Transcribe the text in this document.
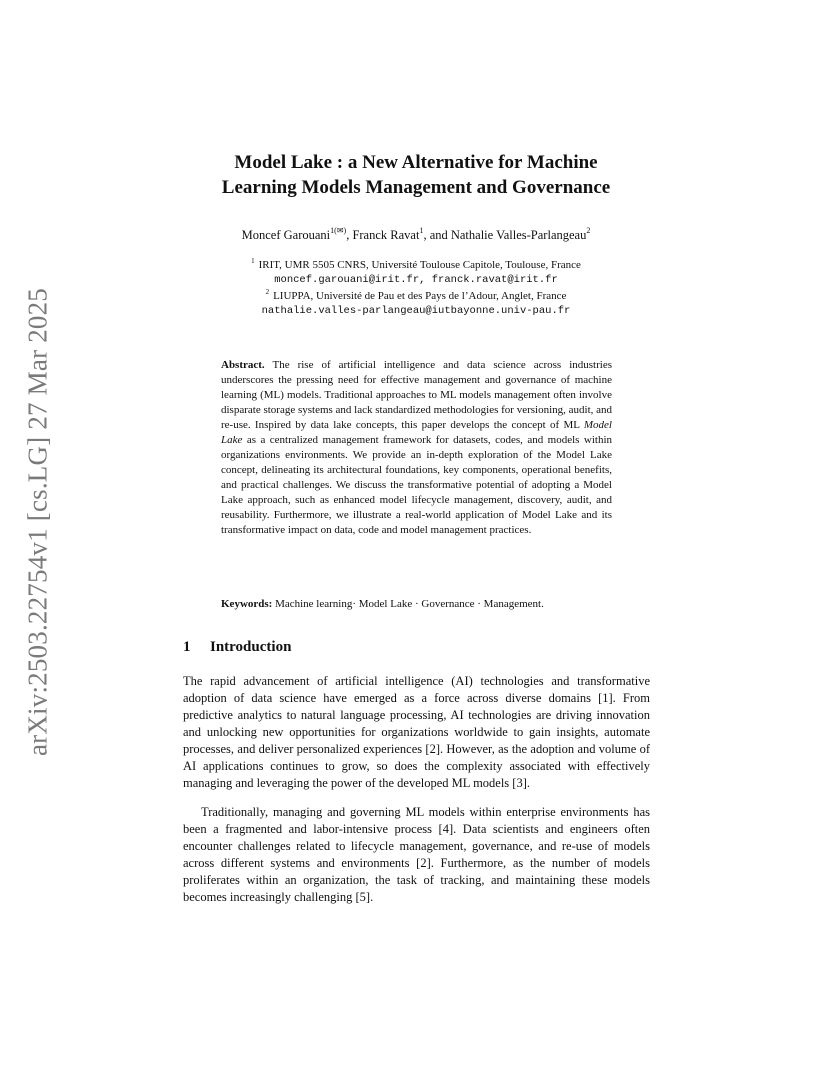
arXiv:2503.22754v1 [cs.LG] 27 Mar 2025
Model Lake : a New Alternative for Machine
Learning Models Management and Governance
Moncef Garouani$^{1(✉)}$, Franck Ravat$^1$, and Nathalie Valles-Parlangeau$^2$
$^1$ IRIT, UMR 5505 CNRS, Université Toulouse Capitole, Toulouse, France
moncef.garouani@irit.fr, franck.ravat@irit.fr
$^2$ LIUPPA, Université de Pau et des Pays de l’Adour, Anglet, France
nathalie.valles-parlangeau@iutbayonne.univ-pau.fr
Abstract. The rise of artificial intelligence and data science across industries underscores the pressing need for effective management and governance of machine learning (ML) models. Traditional approaches to ML models management often involve disparate storage systems and lack standardized methodologies for versioning, audit, and re-use. Inspired by data lake concepts, this paper develops the concept of ML Model Lake as a centralized management framework for datasets, codes, and models within organizations environments. We provide an in-depth exploration of the Model Lake concept, delineating its architectural foundations, key components, operational benefits, and practical challenges. We discuss the transformative potential of adopting a Model Lake approach, such as enhanced model lifecycle management, discovery, audit, and reusability. Furthermore, we illustrate a real-world application of Model Lake and its transformative impact on data, code and model management practices.
Keywords: Machine learning· Model Lake · Governance · Management.
1 Introduction

The rapid advancement of artificial intelligence (AI) technologies and transformative adoption of data science have emerged as a force across diverse domains [1]. From predictive analytics to natural language processing, AI technologies are driving innovation and unlocking new opportunities for organizations worldwide to gain insights, automate processes, and deliver personalized experiences [2]. However, as the adoption and volume of AI applications continues to grow, so does the complexity associated with effectively managing and leveraging the power of the developed ML models [3].

Traditionally, managing and governing ML models within enterprise environments has been a fragmented and labor-intensive process [4]. Data scientists and engineers often encounter challenges related to lifecycle management, governance, and re-use of models across different systems and environments [2]. Furthermore, as the number of models proliferates within an organization, the task of tracking, and maintaining these models becomes increasingly challenging [5].
